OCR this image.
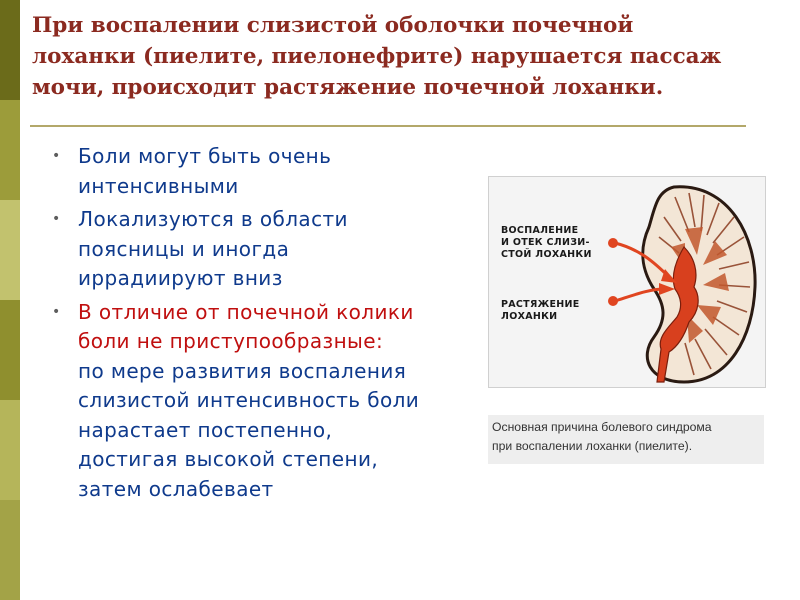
При воспалении слизистой оболочки почечной
лоханки (пиелите, пиелонефрите) нарушается пассаж
мочи, происходит растяжение почечной лоханки.
• Боли могут быть очень
интенсивными
• Локализуются в области
поясницы и иногда
иррадиируют вниз
• В отличие от почечной колики
боли не приступообразные:
по мере развития воспаления
слизистой интенсивность боли
нарастает постепенно,
достигая высокой степени,
затем ослабевает
ВОСПАЛЕНИЕ
И ОТЕК СЛИЗИ-
СТОЙ ЛОХАНКИ
РАСТЯЖЕНИЕ
ЛОХАНКИ
Основная причина болевого синдрома
при воспалении лоханки (пиелите).
